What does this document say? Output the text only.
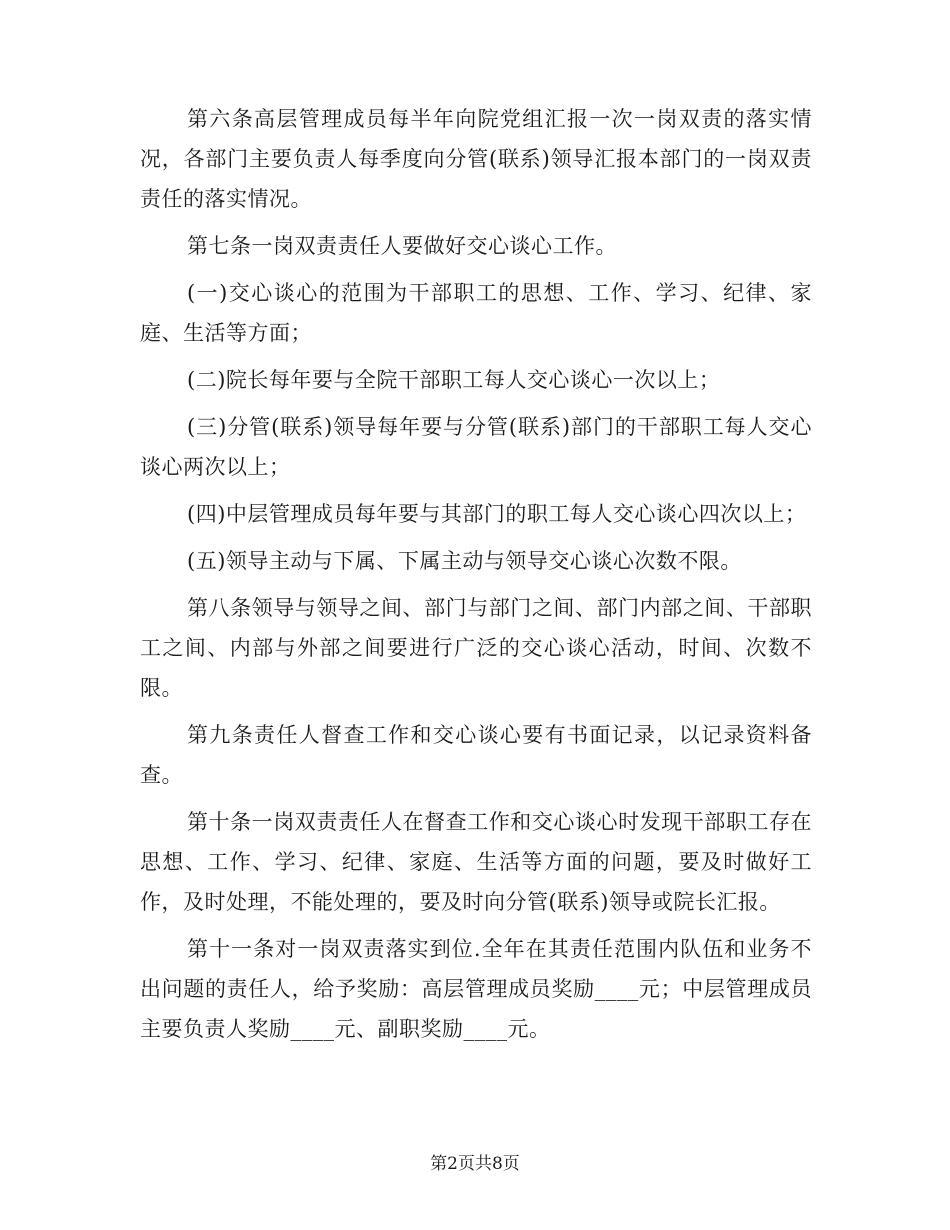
第六条高层管理成员每半年向院党组汇报一次一岗双责的落实情况，各部门主要负责人每季度向分管(联系)领导汇报本部门的一岗双责责任的落实情况。

第七条一岗双责责任人要做好交心谈心工作。

(一)交心谈心的范围为干部职工的思想、工作、学习、纪律、家庭、生活等方面；

(二)院长每年要与全院干部职工每人交心谈心一次以上；

(三)分管(联系)领导每年要与分管(联系)部门的干部职工每人交心谈心两次以上；

(四)中层管理成员每年要与其部门的职工每人交心谈心四次以上；

(五)领导主动与下属、下属主动与领导交心谈心次数不限。

第八条领导与领导之间、部门与部门之间、部门内部之间、干部职工之间、内部与外部之间要进行广泛的交心谈心活动，时间、次数不限。

第九条责任人督查工作和交心谈心要有书面记录，以记录资料备查。

第十条一岗双责责任人在督查工作和交心谈心时发现干部职工存在思想、工作、学习、纪律、家庭、生活等方面的问题，要及时做好工作，及时处理，不能处理的，要及时向分管(联系)领导或院长汇报。

第十一条对一岗双责落实到位.全年在其责任范围内队伍和业务不出问题的责任人，给予奖励：高层管理成员奖励____元；中层管理成员主要负责人奖励____元、副职奖励____元。

第2页共8页
